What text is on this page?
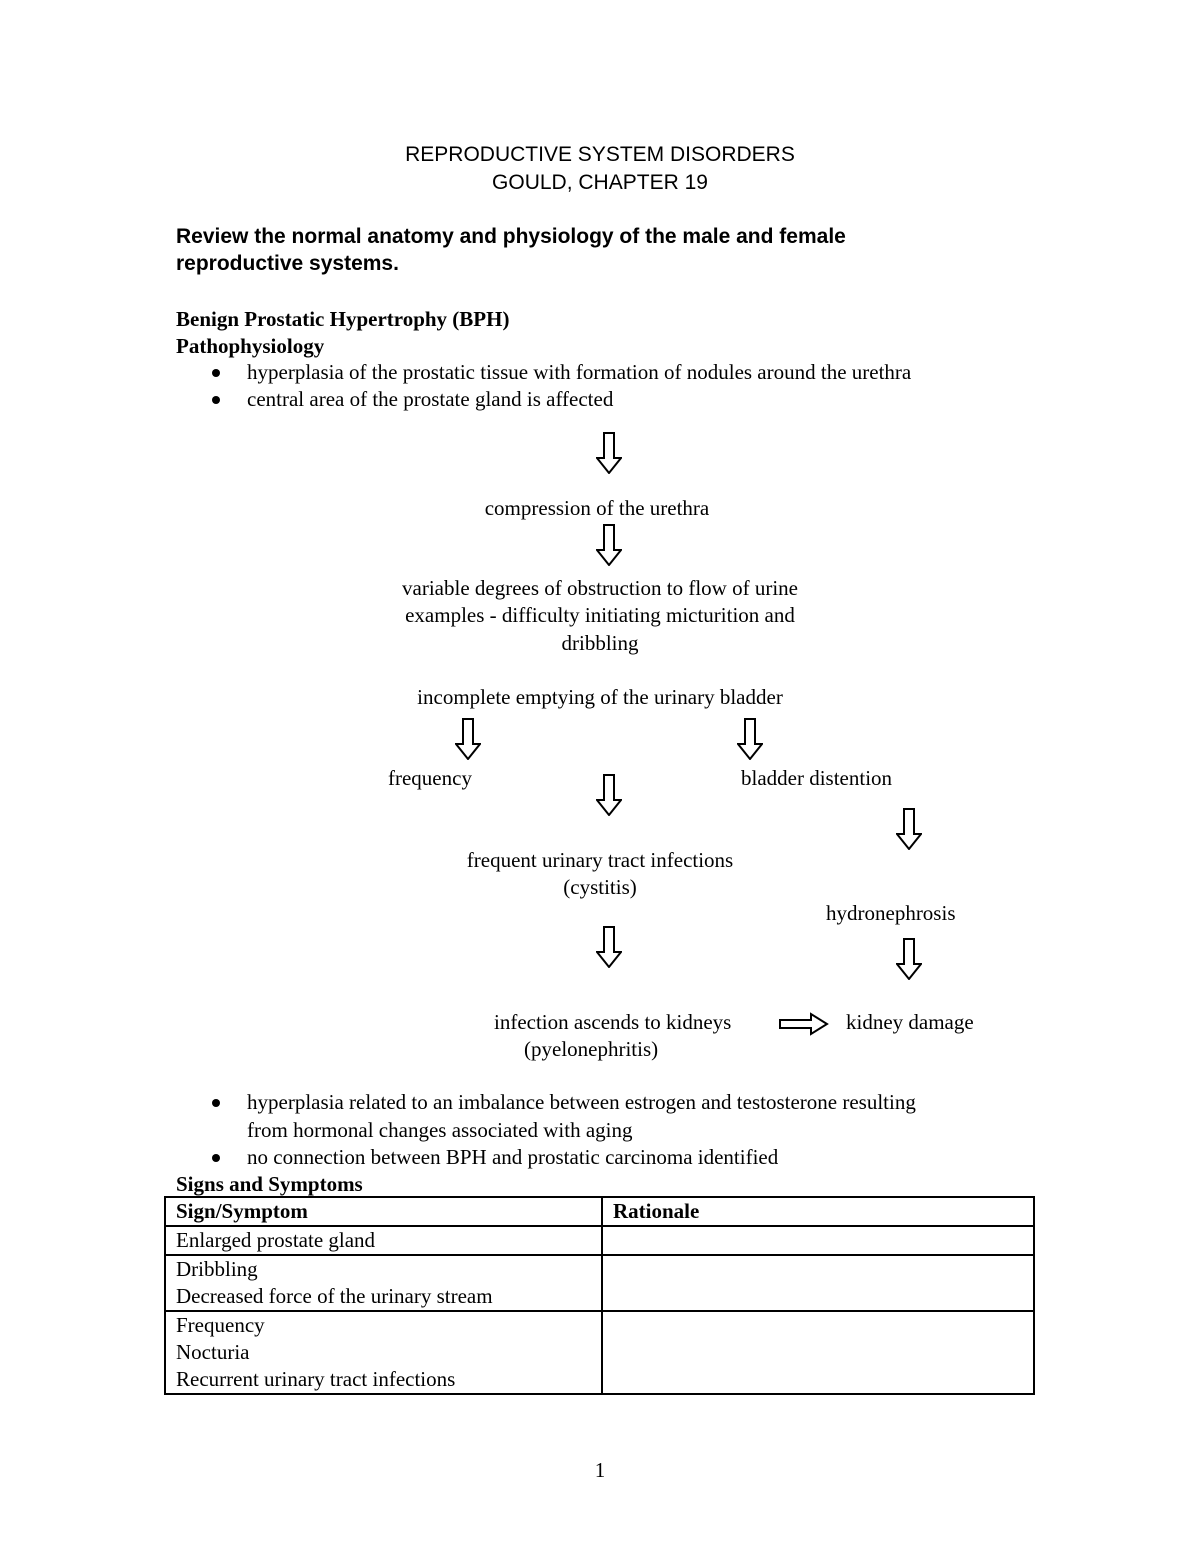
REPRODUCTIVE SYSTEM DISORDERS
GOULD, CHAPTER 19
Review the normal anatomy and physiology of the male and female
reproductive systems.
Benign Prostatic Hypertrophy (BPH)
Pathophysiology
hyperplasia of the prostatic tissue with formation of nodules around the urethra
central area of the prostate gland is affected
compression of the urethra
variable degrees of obstruction to flow of urine
examples - difficulty initiating micturition and
dribbling
incomplete emptying of the urinary bladder
frequency	bladder distention
frequent urinary tract infections
(cystitis)
hydronephrosis
infection ascends to kidneys
(pyelonephritis)
kidney damage
hyperplasia related to an imbalance between estrogen and testosterone resulting
from hormonal changes associated with aging
no connection between BPH and prostatic carcinoma identified
Signs and Symptoms
Sign/Symptom	Rationale

Enlarged prostate gland	

Dribbling
Decreased force of the urinary stream	

Frequency
Nocturia
Recurrent urinary tract infections	

1
